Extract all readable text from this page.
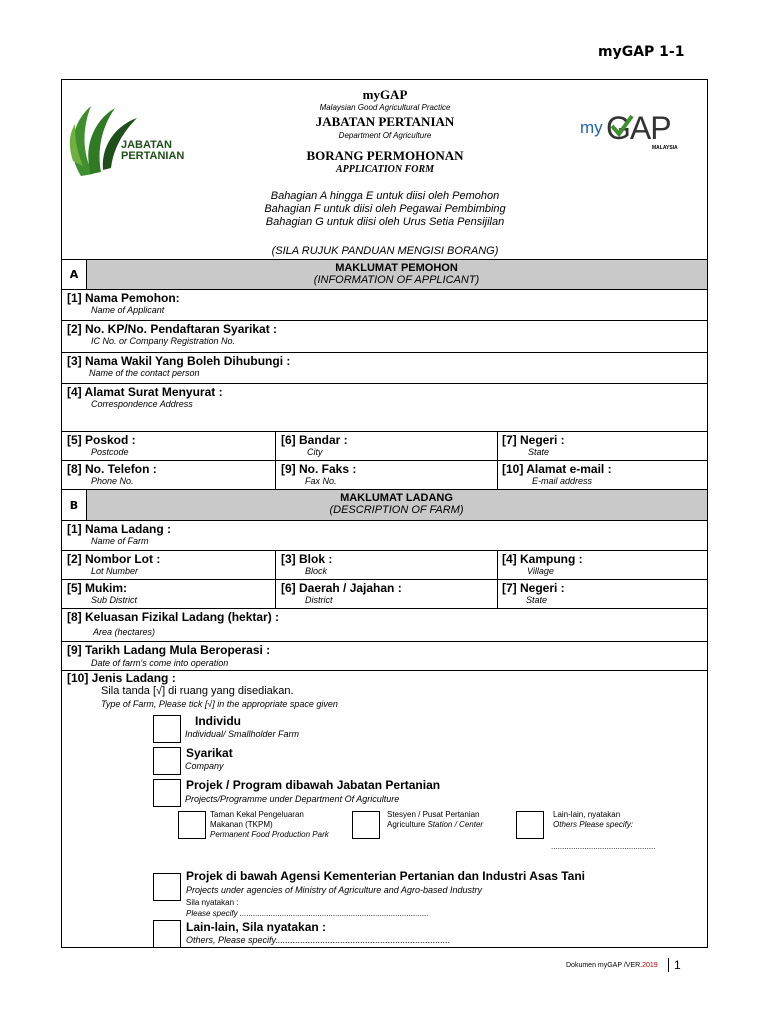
myGAP 1-1
JABATAN
PERTANIAN
my GAP
MALAYSIA
myGAP
Malaysian Good Agricultural Practice
JABATAN PERTANIAN
Department Of Agriculture
BORANG PERMOHONAN
APPLICATION FORM
Bahagian A hingga E untuk diisi oleh Pemohon
Bahagian F untuk diisi oleh Pegawai Pembimbing
Bahagian G untuk diisi oleh Urus Setia Pensijilan
(SILA RUJUK PANDUAN MENGISI BORANG)
MAKLUMAT PEMOHON
(INFORMATION OF APPLICANT)
A
[1] Nama Pemohon:
Name of Applicant
[2] No. KP/No. Pendaftaran Syarikat :
IC No. or Company Registration No.
[3] Nama Wakil Yang Boleh Dihubungi :
Name of the contact person
[4] Alamat Surat Menyurat :
Correspondence Address
[5] Poskod :
Postcode
[6] Bandar :
City
[7] Negeri :
State
[8] No. Telefon :
Phone No.
[9] No. Faks :
Fax No.
[10] Alamat e-mail :
E-mail address
MAKLUMAT LADANG
(DESCRIPTION OF FARM)
B
[1] Nama Ladang :
Name of Farm
[2] Nombor Lot :
Lot Number
[3] Blok :
Block
[4] Kampung :
Village
[5] Mukim:
Sub District
[6] Daerah / Jajahan :
District
[7] Negeri :
State
[8] Keluasan Fizikal Ladang (hektar) :
Area (hectares)
[9] Tarikh Ladang Mula Beroperasi :
Date of farm's come into operation
[10] Jenis Ladang :
Sila tanda [√] di ruang yang disediakan.
Type of Farm, Please tick [√] in the appropriate space given
Individu
Individual/ Smallholder Farm
Syarikat
Company
Projek / Program dibawah Jabatan Pertanian
Projects/Programme under Department Of Agriculture
Taman Kekal Pengeluaran
Makanan (TKPM)
Permanent Food Production Park
Stesyen / Pusat Pertanian
Agriculture Station / Center
Lain-lain, nyatakan
Others Please specify:
...............................................
Projek di bawah Agensi Kementerian Pertanian dan Industri Asas Tani
Projects under agencies of Ministry of Agriculture and Agro-based Industry
Sila nyatakan :
Please specify .....................................................................................
Lain-lain, Sila nyatakan :
Others, Please specify......................................................................
Dokumen myGAP /VER.2019	1
